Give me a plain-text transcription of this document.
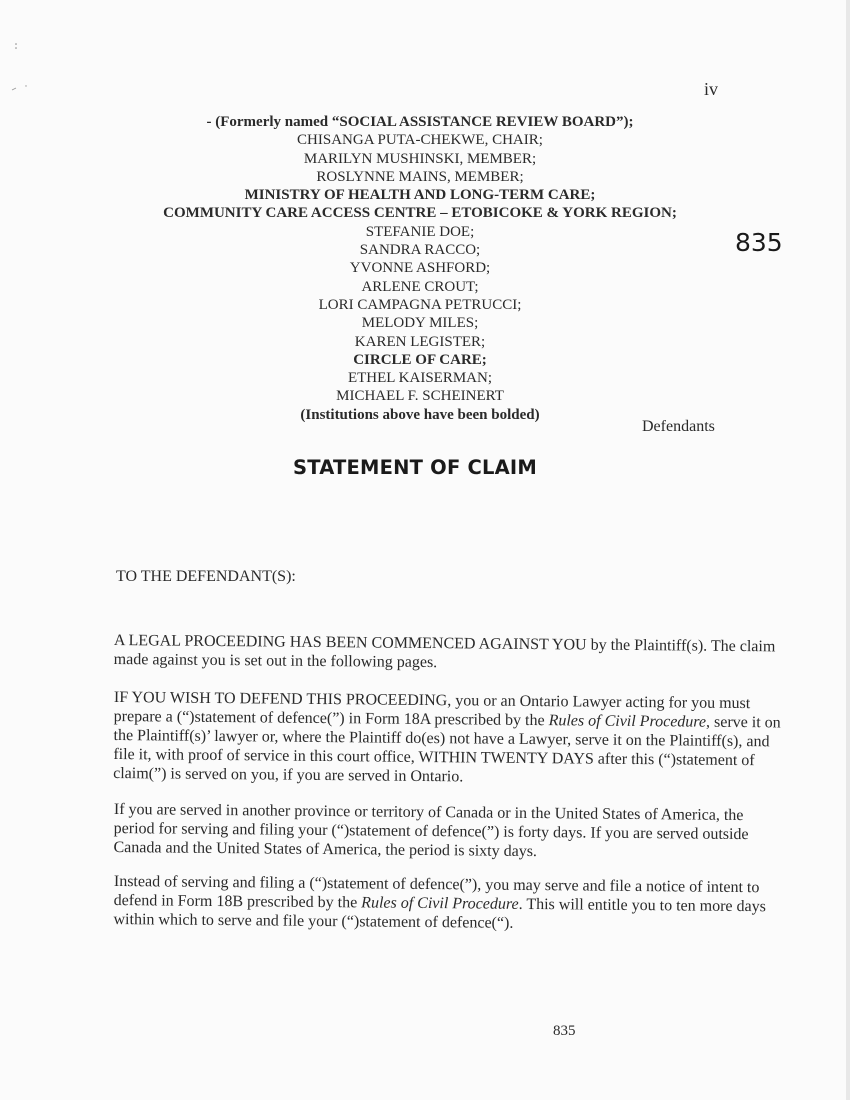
iv
835
- (Formerly named “SOCIAL ASSISTANCE REVIEW BOARD”);
CHISANGA PUTA-CHEKWE, CHAIR;
MARILYN MUSHINSKI, MEMBER;
ROSLYNNE MAINS, MEMBER;
MINISTRY OF HEALTH AND LONG-TERM CARE;
COMMUNITY CARE ACCESS CENTRE – ETOBICOKE & YORK REGION;
STEFANIE DOE;
SANDRA RACCO;
YVONNE ASHFORD;
ARLENE CROUT;
LORI CAMPAGNA PETRUCCI;
MELODY MILES;
KAREN LEGISTER;
CIRCLE OF CARE;
ETHEL KAISERMAN;
MICHAEL F. SCHEINERT
(Institutions above have been bolded)
Defendants
STATEMENT OF CLAIM
TO THE DEFENDANT(S):
A LEGAL PROCEEDING HAS BEEN COMMENCED AGAINST YOU by the Plaintiff(s). The claim made against you is set out in the following pages.
IF YOU WISH TO DEFEND THIS PROCEEDING, you or an Ontario Lawyer acting for you must prepare a (“)statement of defence(”) in Form 18A prescribed by the Rules of Civil Procedure, serve it on the Plaintiff(s)’ lawyer or, where the Plaintiff do(es) not have a Lawyer, serve it on the Plaintiff(s), and file it, with proof of service in this court office, WITHIN TWENTY DAYS after this (“)statement of claim(”) is served on you, if you are served in Ontario.
If you are served in another province or territory of Canada or in the United States of America, the period for serving and filing your (“)statement of defence(”) is forty days. If you are served outside Canada and the United States of America, the period is sixty days.
Instead of serving and filing a (“)statement of defence(”), you may serve and file a notice of intent to defend in Form 18B prescribed by the Rules of Civil Procedure. This will entitle you to ten more days within which to serve and file your (“)statement of defence(“).
835
